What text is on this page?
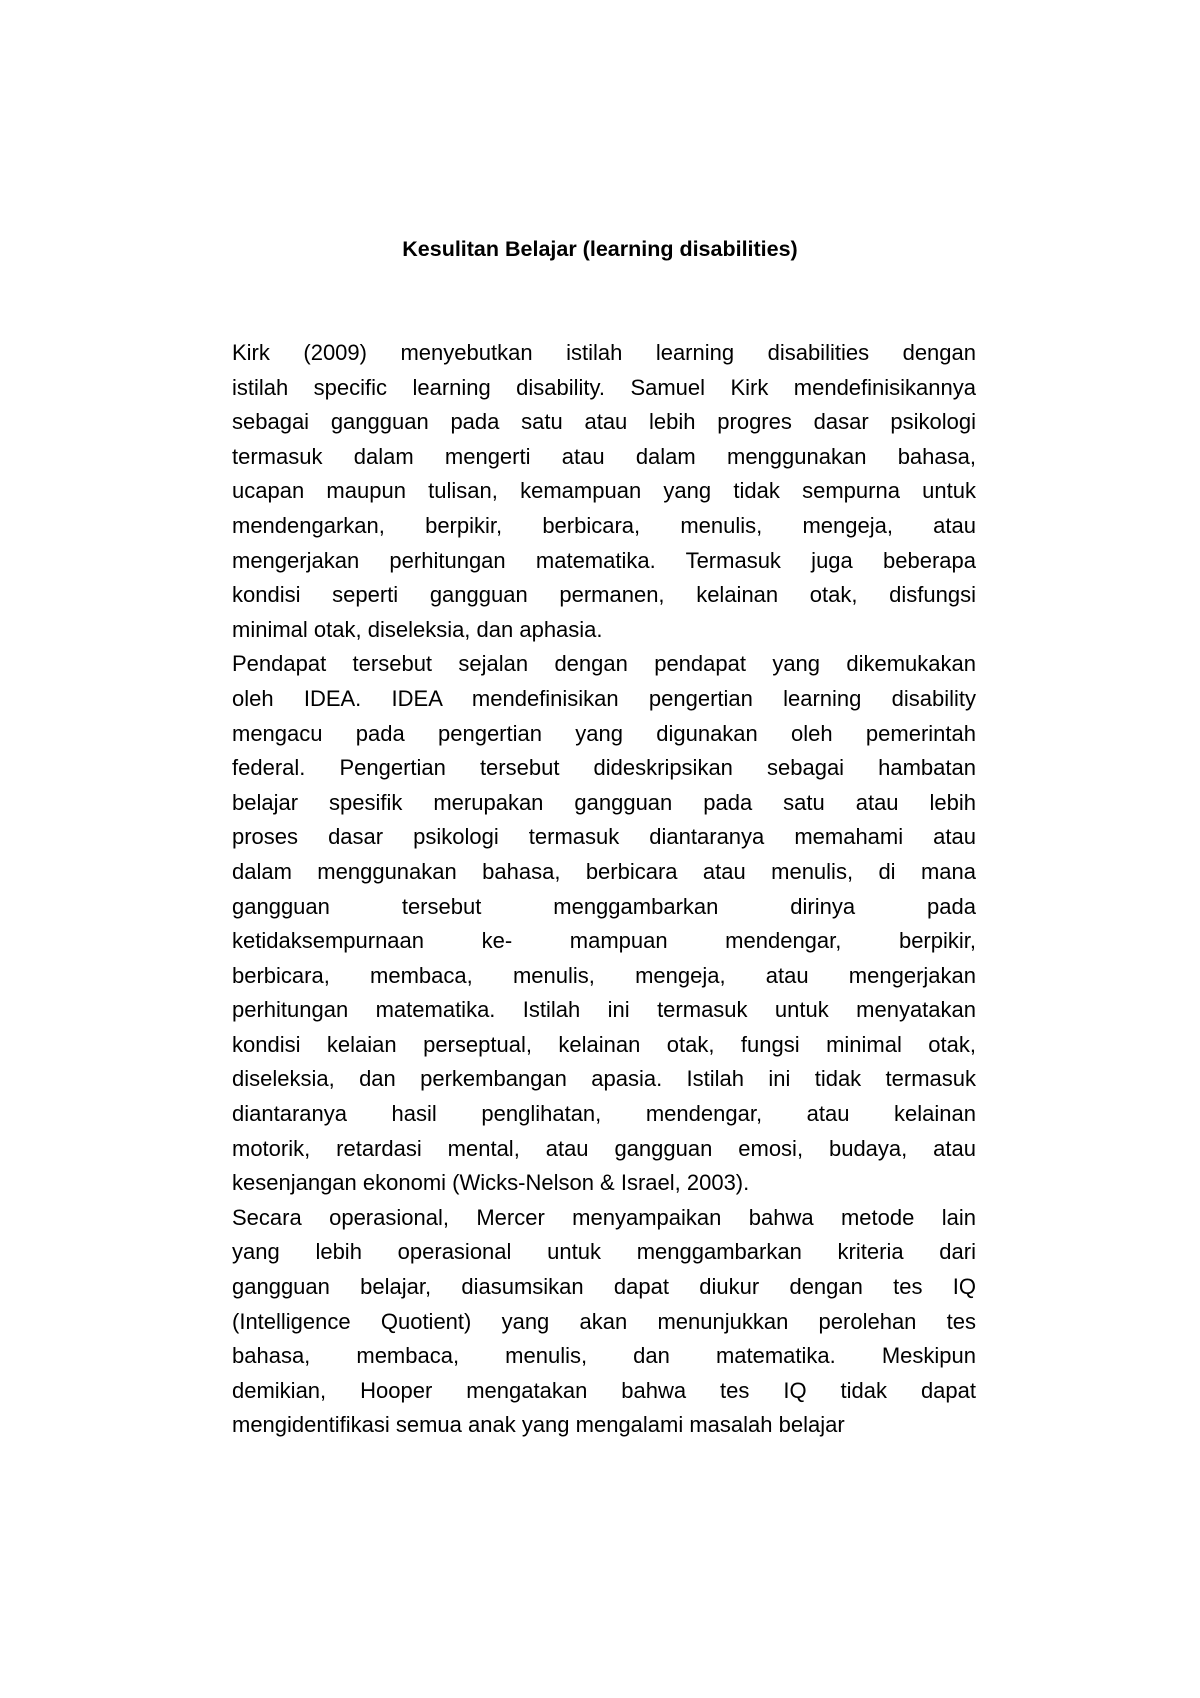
Kesulitan Belajar (learning disabilities)
Kirk (2009) menyebutkan istilah learning disabilities dengan
istilah specific learning disability. Samuel Kirk mendefinisikannya
sebagai gangguan pada satu atau lebih progres dasar psikologi
termasuk dalam mengerti atau dalam menggunakan bahasa,
ucapan maupun tulisan, kemampuan yang tidak sempurna untuk
mendengarkan, berpikir, berbicara, menulis, mengeja, atau
mengerjakan perhitungan matematika. Termasuk juga beberapa
kondisi seperti gangguan permanen, kelainan otak, disfungsi
minimal otak, diseleksia, dan aphasia.
Pendapat tersebut sejalan dengan pendapat yang dikemukakan
oleh IDEA. IDEA mendefinisikan pengertian learning disability
mengacu pada pengertian yang digunakan oleh pemerintah
federal. Pengertian tersebut dideskripsikan sebagai hambatan
belajar spesifik merupakan gangguan pada satu atau lebih
proses dasar psikologi termasuk diantaranya memahami atau
dalam menggunakan bahasa, berbicara atau menulis, di mana
gangguan tersebut menggambarkan dirinya pada
ketidaksempurnaan ke- mampuan mendengar, berpikir,
berbicara, membaca, menulis, mengeja, atau mengerjakan
perhitungan matematika. Istilah ini termasuk untuk menyatakan
kondisi kelaian perseptual, kelainan otak, fungsi minimal otak,
diseleksia, dan perkembangan apasia. Istilah ini tidak termasuk
diantaranya hasil penglihatan, mendengar, atau kelainan
motorik, retardasi mental, atau gangguan emosi, budaya, atau
kesenjangan ekonomi (Wicks-Nelson & Israel, 2003).
Secara operasional, Mercer menyampaikan bahwa metode lain
yang lebih operasional untuk menggambarkan kriteria dari
gangguan belajar, diasumsikan dapat diukur dengan tes IQ
(Intelligence Quotient) yang akan menunjukkan perolehan tes
bahasa, membaca, menulis, dan matematika. Meskipun
demikian, Hooper mengatakan bahwa tes IQ tidak dapat
mengidentifikasi semua anak yang mengalami masalah belajar
